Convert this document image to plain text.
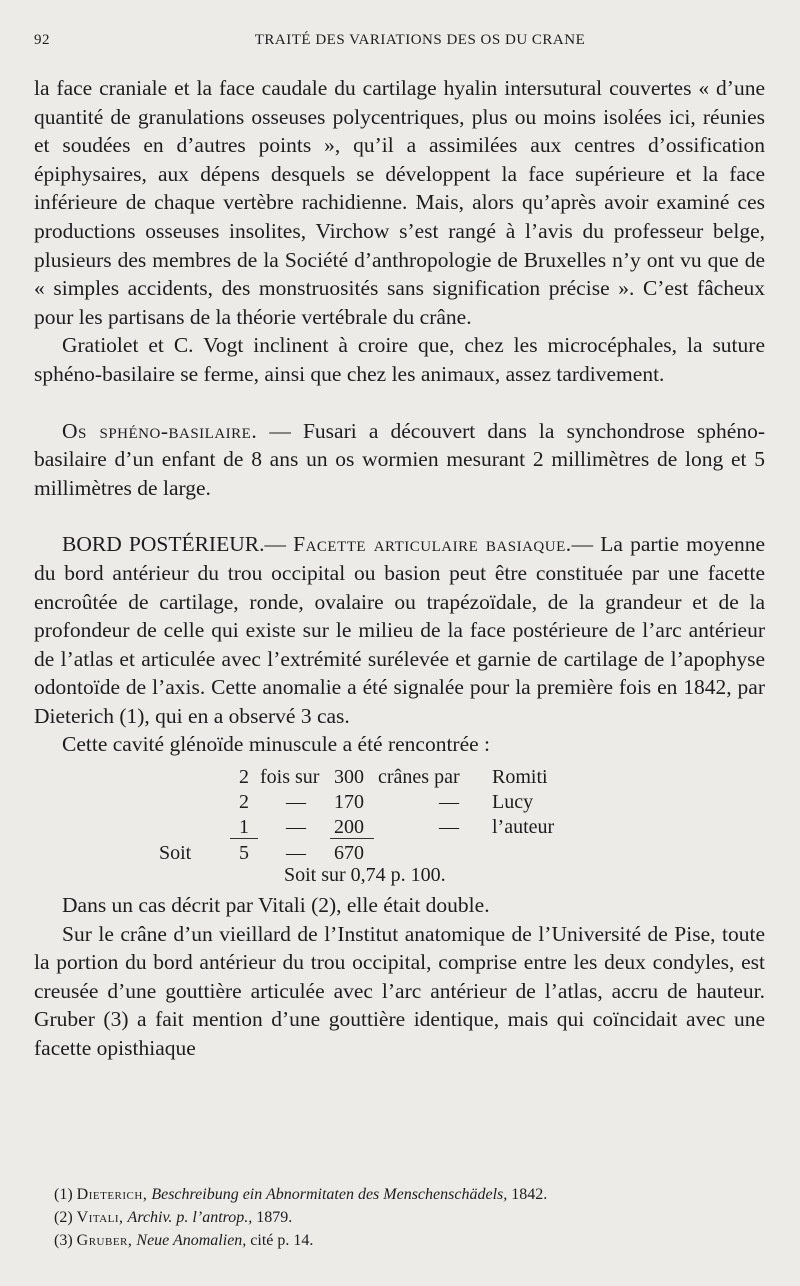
92	TRAITÉ DES VARIATIONS DES OS DU CRANE

la face craniale et la face caudale du cartilage hyalin intersutural couvertes « d’une quantité de granulations osseuses polycentriques, plus ou moins isolées ici, réunies et soudées en d’autres points », qu’il a assimilées aux centres d’ossification épiphysaires, aux dépens desquels se développent la face supérieure et la face inférieure de chaque vertèbre rachidienne. Mais, alors qu’après avoir examiné ces productions osseuses insolites, Virchow s’est rangé à l’avis du professeur belge, plusieurs des membres de la Société d’anthropologie de Bruxelles n’y ont vu que de « simples accidents, des monstruosités sans signification précise ». C’est fâcheux pour les partisans de la théorie vertébrale du crâne.

Gratiolet et C. Vogt inclinent à croire que, chez les microcéphales, la suture sphéno-basilaire se ferme, ainsi que chez les animaux, assez tardivement.

Os sphéno-basilaire. — Fusari a découvert dans la synchondrose sphéno-basilaire d’un enfant de 8 ans un os wormien mesurant 2 millimètres de long et 5 millimètres de large.

BORD POSTÉRIEUR.— Facette articulaire basiaque.— La partie moyenne du bord antérieur du trou occipital ou basion peut être constituée par une facette encroûtée de cartilage, ronde, ovalaire ou trapézoïdale, de la grandeur et de la profondeur de celle qui existe sur le milieu de la face postérieure de l’arc antérieur de l’atlas et articulée avec l’extrémité surélevée et garnie de cartilage de l’apophyse odontoïde de l’axis. Cette anomalie a été signalée pour la première fois en 1842, par Dieterich (1), qui en a observé 3 cas.

Cette cavité glénoïde minuscule a été rencontrée :

2 fois sur 300 crânes par Romiti
2 — 170	— Lucy
1 — 200	— l’auteur
Soit 5 — 670
Soit sur 0,74 p. 100.

Dans un cas décrit par Vitali (2), elle était double.

Sur le crâne d’un vieillard de l’Institut anatomique de l’Université de Pise, toute la portion du bord antérieur du trou occipital, comprise entre les deux condyles, est creusée d’une gouttière articulée avec l’arc antérieur de l’atlas, accru de hauteur. Gruber (3) a fait mention d’une gouttière identique, mais qui coïncidait avec une facette opisthiaque

(1) Dieterich, Beschreibung ein Abnormitaten des Menschenschädels, 1842.
(2) Vitali, Archiv. p. l’antrop., 1879.
(3) Gruber, Neue Anomalien, cité p. 14.
